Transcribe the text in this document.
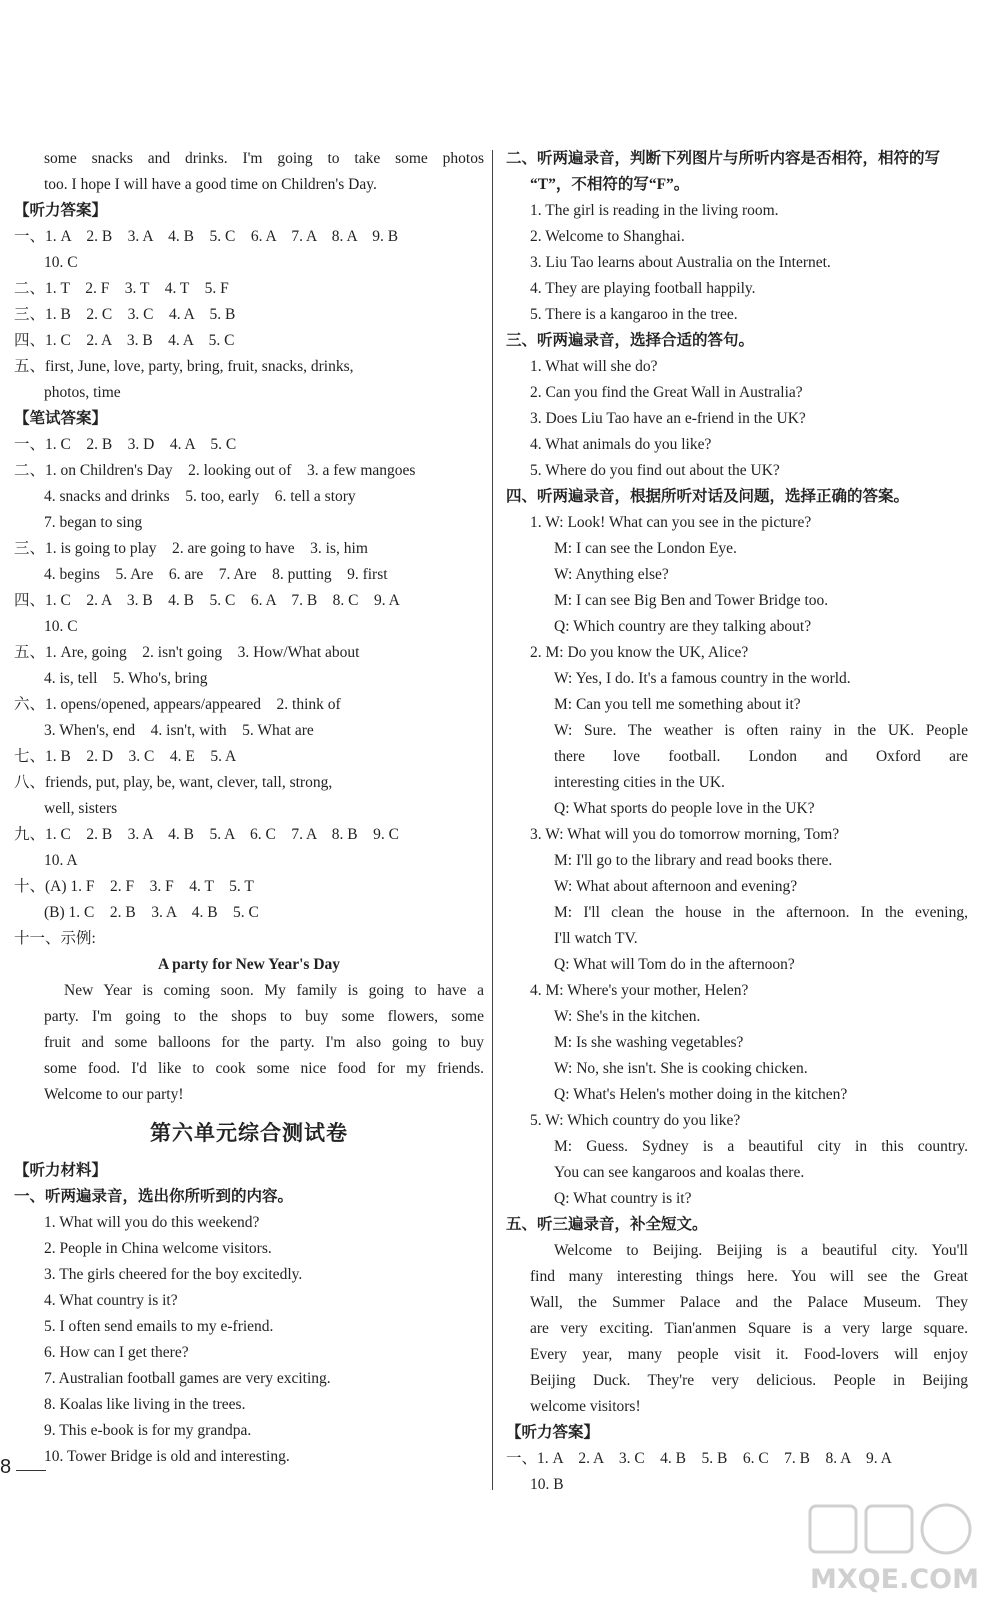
some snacks and drinks. I'm going to take some photos
too. I hope I will have a good time on Children's Day.
【听力答案】
一、1. A　2. B　3. A　4. B　5. C　6. A　7. A　8. A　9. B
10. C
二、1. T　2. F　3. T　4. T　5. F
三、1. B　2. C　3. C　4. A　5. B
四、1. C　2. A　3. B　4. A　5. C
五、first, June, love, party, bring, fruit, snacks, drinks,
photos, time
【笔试答案】
一、1. C　2. B　3. D　4. A　5. C
二、1. on Children's Day　2. looking out of　3. a few mangoes
4. snacks and drinks　5. too, early　6. tell a story
7. began to sing
三、1. is going to play　2. are going to have　3. is, him
4. begins　5. Are　6. are　7. Are　8. putting　9. first
四、1. C　2. A　3. B　4. B　5. C　6. A　7. B　8. C　9. A
10. C
五、1. Are, going　2. isn't going　3. How/What about
4. is, tell　5. Who's, bring
六、1. opens/opened, appears/appeared　2. think of
3. When's, end　4. isn't, with　5. What are
七、1. B　2. D　3. C　4. E　5. A
八、friends, put, play, be, want, clever, tall, strong,
well, sisters
九、1. C　2. B　3. A　4. B　5. A　6. C　7. A　8. B　9. C
10. A
十、(A) 1. F　2. F　3. F　4. T　5. T
(B) 1. C　2. B　3. A　4. B　5. C
十一、示例:
A party for New Year's Day
New Year is coming soon. My family is going to have a
party. I'm going to the shops to buy some flowers, some
fruit and some balloons for the party. I'm also going to buy
some food. I'd like to cook some nice food for my friends.
Welcome to our party!
第六单元综合测试卷
【听力材料】
一、听两遍录音，选出你所听到的内容。
1. What will you do this weekend?
2. People in China welcome visitors.
3. The girls cheered for the boy excitedly.
4. What country is it?
5. I often send emails to my e-friend.
6. How can I get there?
7. Australian football games are very exciting.
8. Koalas like living in the trees.
9. This e-book is for my grandpa.
10. Tower Bridge is old and interesting.
二、听两遍录音，判断下列图片与所听内容是否相符，相符的写
“T”，不相符的写“F”。
1. The girl is reading in the living room.
2. Welcome to Shanghai.
3. Liu Tao learns about Australia on the Internet.
4. They are playing football happily.
5. There is a kangaroo in the tree.
三、听两遍录音，选择合适的答句。
1. What will she do?
2. Can you find the Great Wall in Australia?
3. Does Liu Tao have an e-friend in the UK?
4. What animals do you like?
5. Where do you find out about the UK?
四、听两遍录音，根据所听对话及问题，选择正确的答案。
1. W: Look! What can you see in the picture?
M: I can see the London Eye.
W: Anything else?
M: I can see Big Ben and Tower Bridge too.
Q: Which country are they talking about?
2. M: Do you know the UK, Alice?
W: Yes, I do. It's a famous country in the world.
M: Can you tell me something about it?
W: Sure. The weather is often rainy in the UK. People
there love football. London and Oxford are
interesting cities in the UK.
Q: What sports do people love in the UK?
3. W: What will you do tomorrow morning, Tom?
M: I'll go to the library and read books there.
W: What about afternoon and evening?
M: I'll clean the house in the afternoon. In the evening,
I'll watch TV.
Q: What will Tom do in the afternoon?
4. M: Where's your mother, Helen?
W: She's in the kitchen.
M: Is she washing vegetables?
W: No, she isn't. She is cooking chicken.
Q: What's Helen's mother doing in the kitchen?
5. W: Which country do you like?
M: Guess. Sydney is a beautiful city in this country.
You can see kangaroos and koalas there.
Q: What country is it?
五、听三遍录音，补全短文。
Welcome to Beijing. Beijing is a beautiful city. You'll
find many interesting things here. You will see the Great
Wall, the Summer Palace and the Palace Museum. They
are very exciting. Tian'anmen Square is a very large square.
Every year, many people visit it. Food-lovers will enjoy
Beijing Duck. They're very delicious. People in Beijing
welcome visitors!
【听力答案】
一、1. A　2. A　3. C　4. B　5. B　6. C　7. B　8. A　9. A
10. B
8
MXQE.COM
